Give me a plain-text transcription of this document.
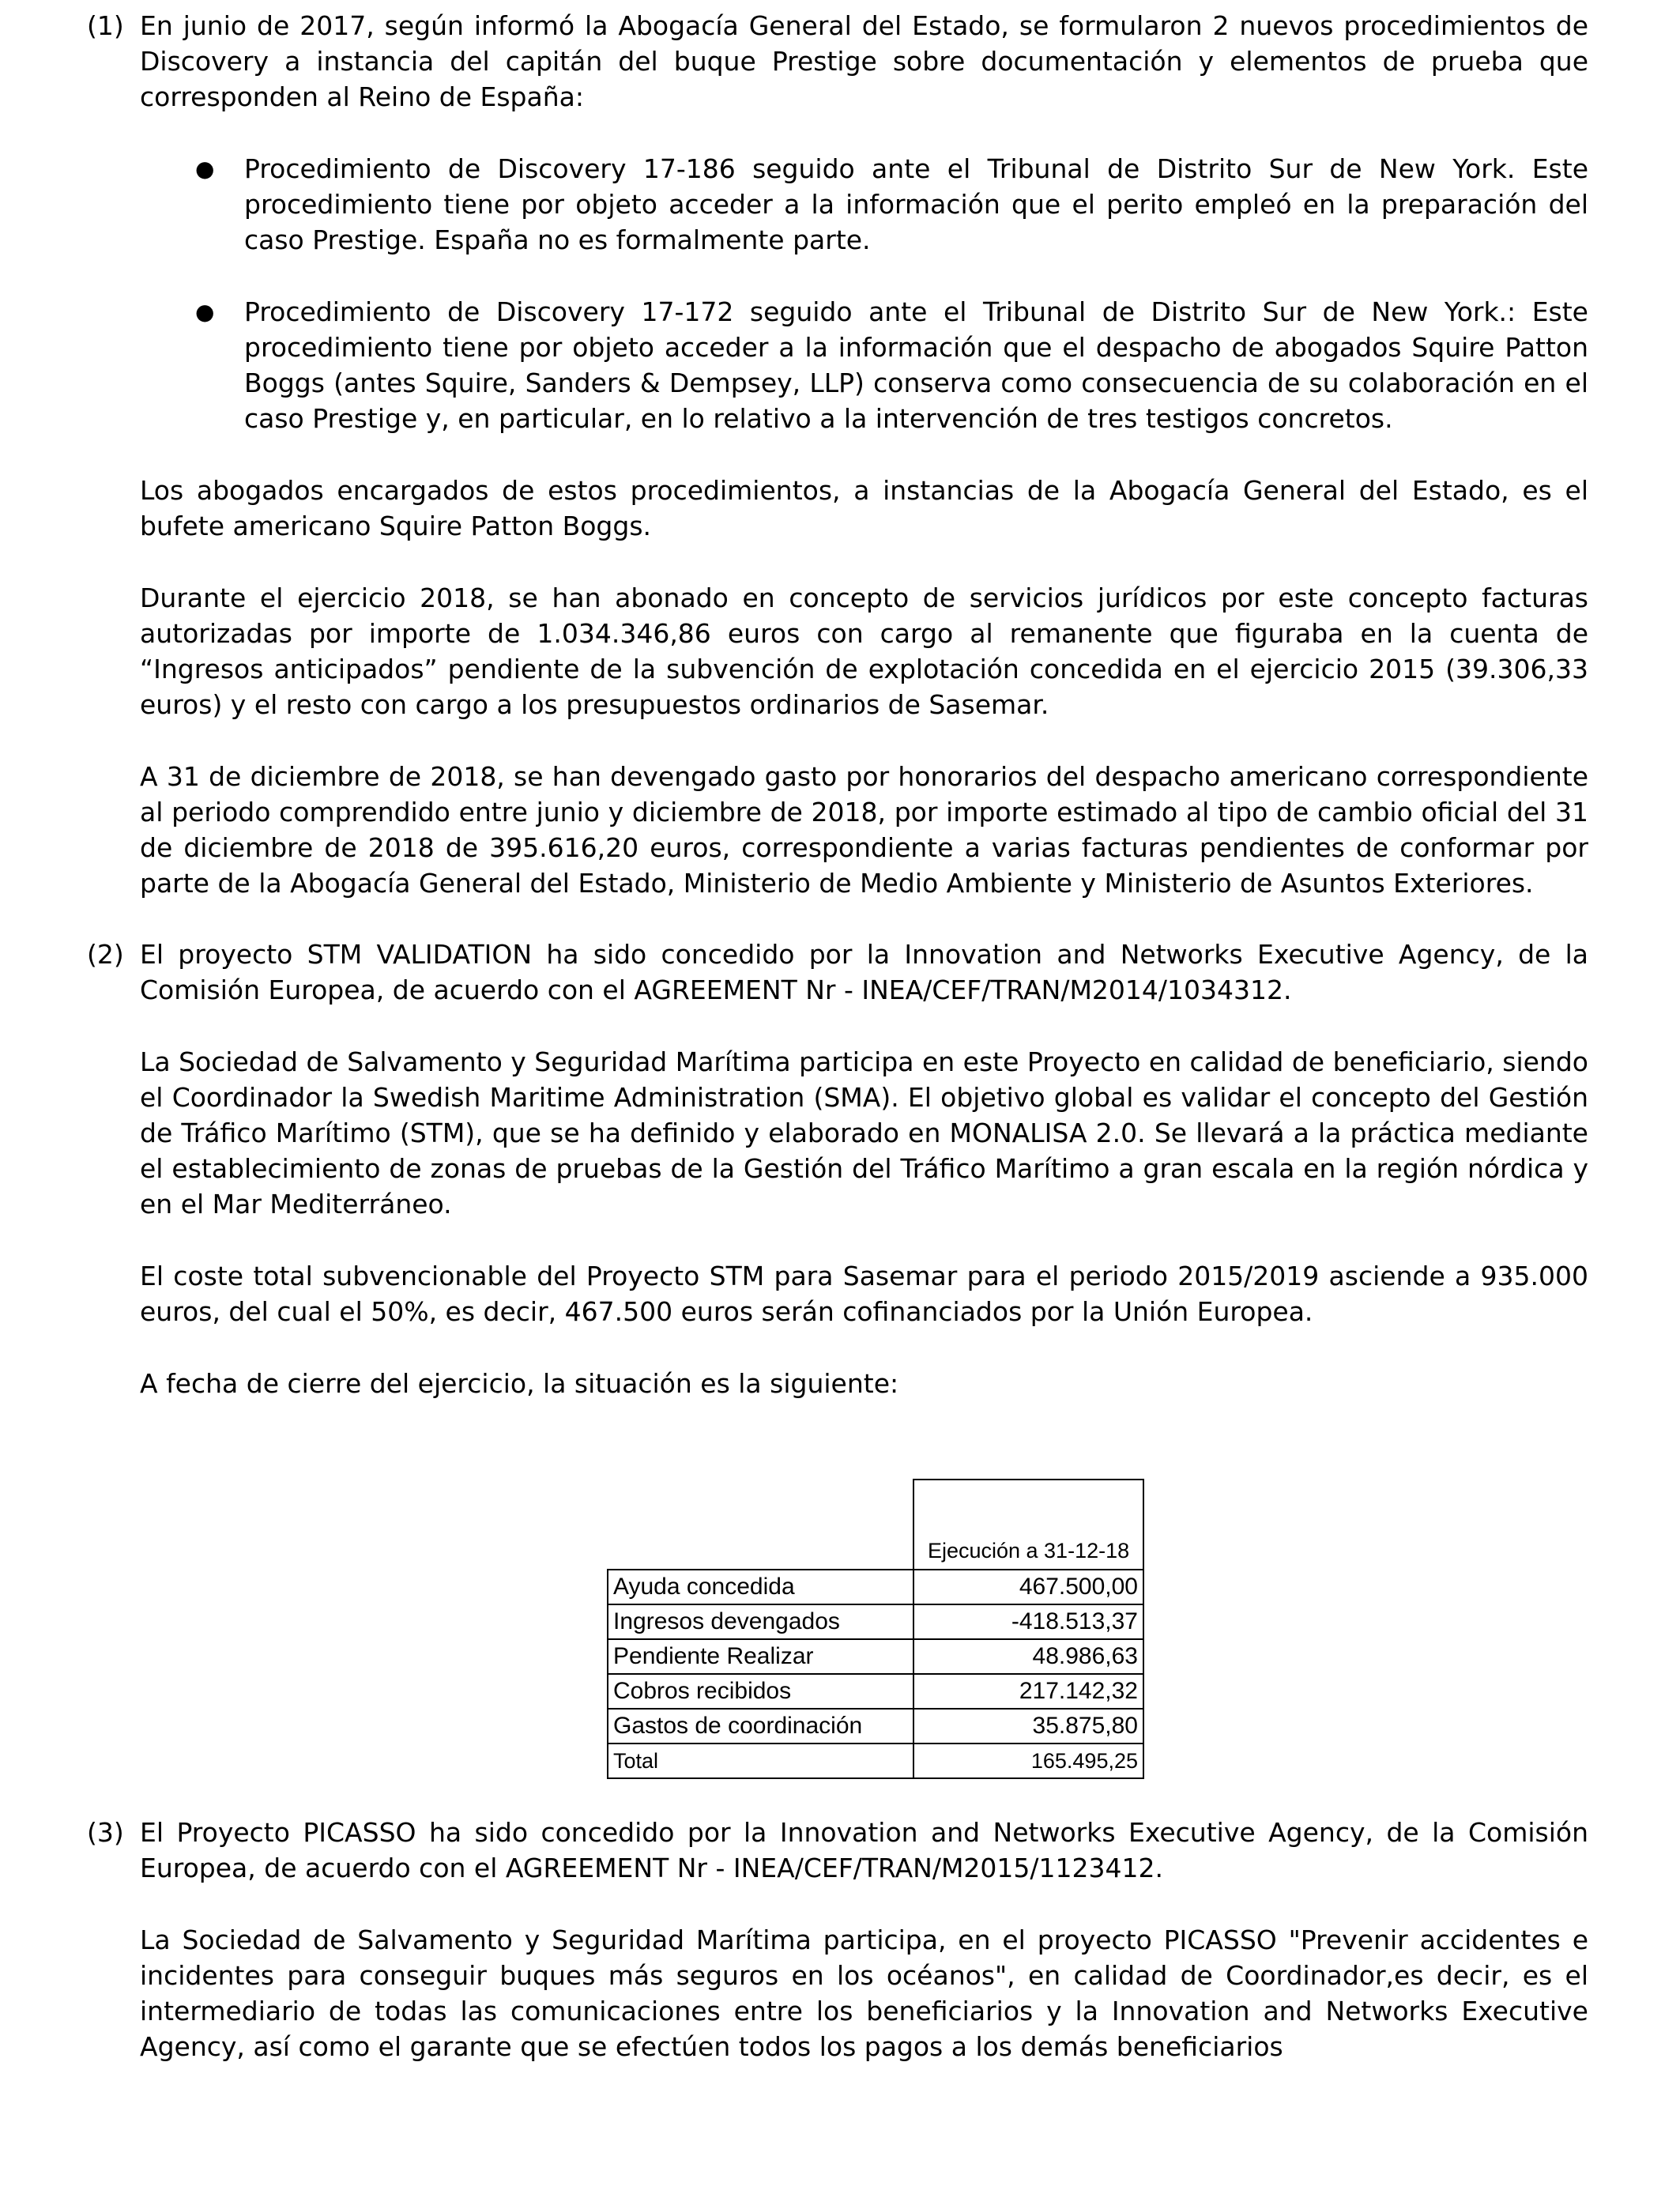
(1) En junio de 2017, según informó la Abogacía General del Estado, se formularon 2 nuevos procedimientos de Discovery a instancia del capitán del buque Prestige sobre documentación y elementos de prueba que corresponden al Reino de España:

● Procedimiento de Discovery 17-186 seguido ante el Tribunal de Distrito Sur de New York. Este procedimiento tiene por objeto acceder a la información que el perito empleó en la preparación del caso Prestige. España no es formalmente parte.
● Procedimiento de Discovery 17-172 seguido ante el Tribunal de Distrito Sur de New York.: Este procedimiento tiene por objeto acceder a la información que el despacho de abogados Squire Patton Boggs (antes Squire, Sanders & Dempsey, LLP) conserva como consecuencia de su colaboración en el caso Prestige y, en particular, en lo relativo a la intervención de tres testigos concretos.

Los abogados encargados de estos procedimientos, a instancias de la Abogacía General del Estado, es el bufete americano Squire Patton Boggs.

Durante el ejercicio 2018, se han abonado en concepto de servicios jurídicos por este concepto facturas autorizadas por importe de 1.034.346,86 euros con cargo al remanente que figuraba en la cuenta de “Ingresos anticipados” pendiente de la subvención de explotación concedida en el ejercicio 2015 (39.306,33 euros) y el resto con cargo a los presupuestos ordinarios de Sasemar.

A 31 de diciembre de 2018, se han devengado gasto por honorarios del despacho americano correspondiente al periodo comprendido entre junio y diciembre de 2018, por importe estimado al tipo de cambio oficial del 31 de diciembre de 2018 de 395.616,20 euros, correspondiente a varias facturas pendientes de conformar por parte de la Abogacía General del Estado, Ministerio de Medio Ambiente y Ministerio de Asuntos Exteriores.

(2) El proyecto STM VALIDATION ha sido concedido por la Innovation and Networks Executive Agency, de la Comisión Europea, de acuerdo con el AGREEMENT Nr - INEA/CEF/TRAN/M2014/1034312.

La Sociedad de Salvamento y Seguridad Marítima participa en este Proyecto en calidad de beneficiario, siendo el Coordinador la Swedish Maritime Administration (SMA). El objetivo global es validar el concepto del Gestión de Tráfico Marítimo (STM), que se ha definido y elaborado en MONALISA 2.0. Se llevará a la práctica mediante el establecimiento de zonas de pruebas de la Gestión del Tráfico Marítimo a gran escala en la región nórdica y en el Mar Mediterráneo.

El coste total subvencionable del Proyecto STM para Sasemar para el periodo 2015/2019 asciende a 935.000 euros, del cual el 50%, es decir, 467.500 euros serán cofinanciados por la Unión Europea.

A fecha de cierre del ejercicio, la situación es la siguiente:

	Ejecución a 31-12-18
Ayuda concedida	467.500,00
Ingresos devengados	-418.513,37
Pendiente Realizar	48.986,63
Cobros recibidos	217.142,32
Gastos de coordinación	35.875,80
Total	165.495,25
(3) El Proyecto PICASSO ha sido concedido por la Innovation and Networks Executive Agency, de la Comisión Europea, de acuerdo con el AGREEMENT Nr - INEA/CEF/TRAN/M2015/1123412.

La Sociedad de Salvamento y Seguridad Marítima participa, en el proyecto PICASSO "Prevenir accidentes e incidentes para conseguir buques más seguros en los océanos", en calidad de Coordinador,es decir, es el intermediario de todas las comunicaciones entre los beneficiarios y la Innovation and Networks Executive Agency, así como el garante que se efectúen todos los pagos a los demás beneficiarios
